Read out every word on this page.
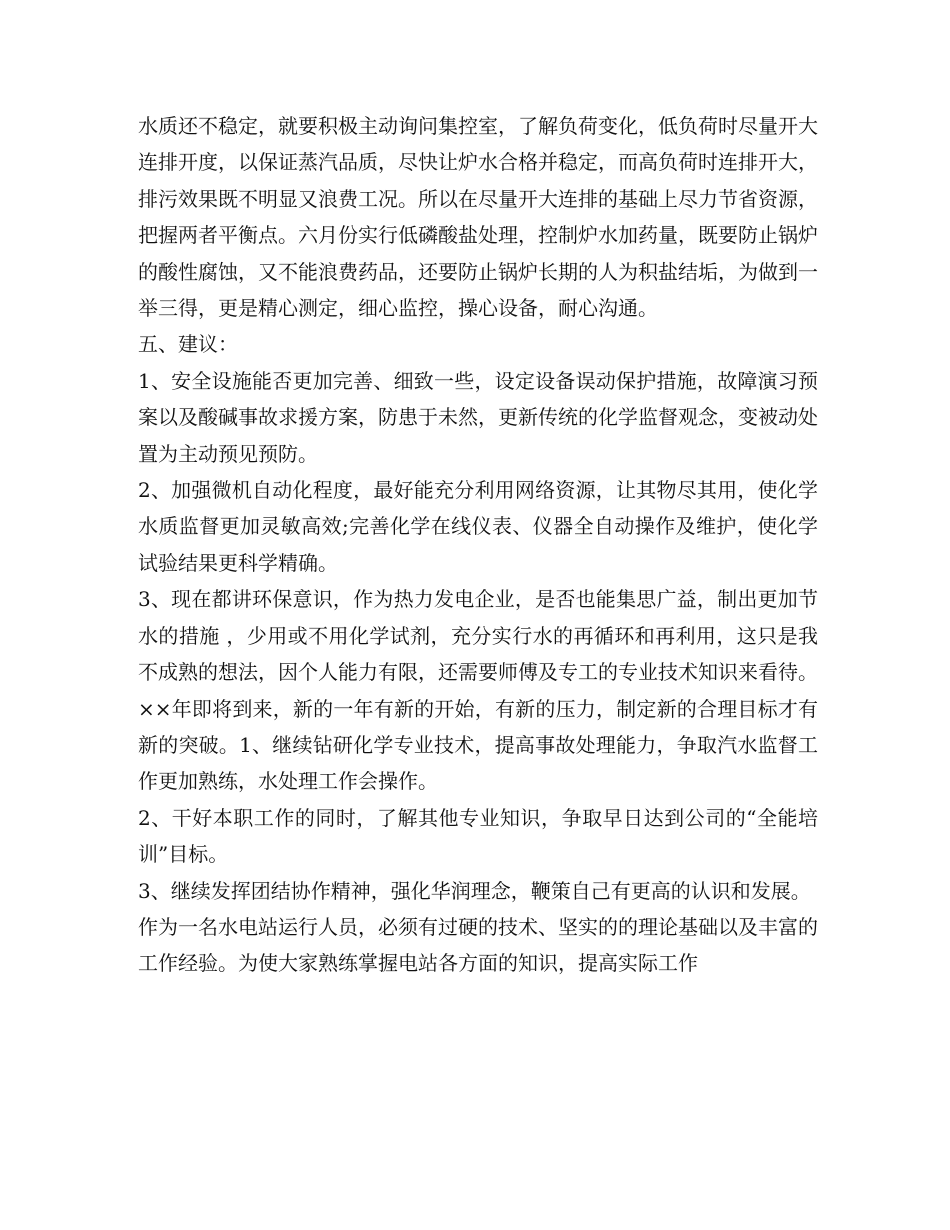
水质还不稳定，就要积极主动询问集控室，了解负荷变化，低负荷时尽量开大连排开度，以保证蒸汽品质，尽快让炉水合格并稳定，而高负荷时连排开大，排污效果既不明显又浪费工况。所以在尽量开大连排的基础上尽力节省资源，把握两者平衡点。六月份实行低磷酸盐处理，控制炉水加药量，既要防止锅炉的酸性腐蚀，又不能浪费药品，还要防止锅炉长期的人为积盐结垢，为做到一举三得，更是精心测定，细心监控，操心设备，耐心沟通。

五、建议：

1、安全设施能否更加完善、细致一些，设定设备误动保护措施，故障演习预案以及酸碱事故求援方案，防患于未然，更新传统的化学监督观念，变被动处置为主动预见预防。

2、加强微机自动化程度，最好能充分利用网络资源，让其物尽其用，使化学水质监督更加灵敏高效;完善化学在线仪表、仪器全自动操作及维护，使化学试验结果更科学精确。

3、现在都讲环保意识，作为热力发电企业，是否也能集思广益，制出更加节水的措施 ，少用或不用化学试剂，充分实行水的再循环和再利用，这只是我不成熟的想法，因个人能力有限，还需要师傅及专工的专业技术知识来看待。

××年即将到来，新的一年有新的开始，有新的压力，制定新的合理目标才有新的突破。1、继续钻研化学专业技术，提高事故处理能力，争取汽水监督工作更加熟练，水处理工作会操作。

2、干好本职工作的同时，了解其他专业知识，争取早日达到公司的“全能培训”目标。

3、继续发挥团结协作精神，强化华润理念，鞭策自己有更高的认识和发展。

作为一名水电站运行人员，必须有过硬的技术、坚实的的理论基础以及丰富的工作经验。为使大家熟练掌握电站各方面的知识，提高实际工作
